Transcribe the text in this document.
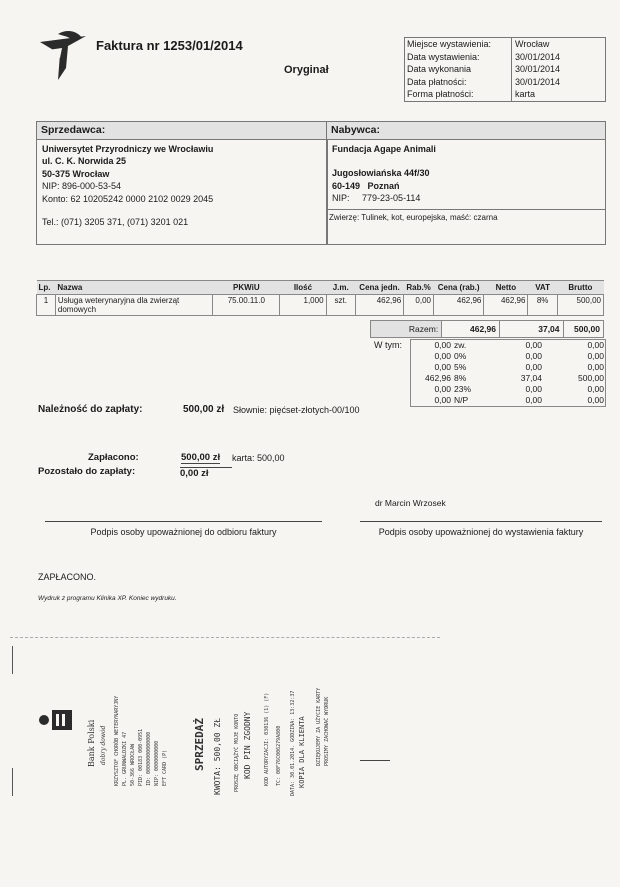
Faktura nr 1253/01/2014
Oryginał
Miejsce wystawienia:	Wrocław
Data wystawienia:	30/01/2014
Data wykonania	30/01/2014
Data płatności:	30/01/2014
Forma płatności:	karta
Sprzedawca:
Uniwersytet Przyrodniczy we Wrocławiu
ul. C. K. Norwida 25
50-375 Wrocław
NIP: 896-000-53-54
Konto: 62 10205242 0000 2102 0029 2045
Tel.: (071) 3205 371, (071) 3201 021
Nabywca:
Fundacja Agape Animali
Jugosłowiańska 44f/30
60-149 Poznań
NIP: 779-23-05-114
Zwierzę: Tulinek, kot, europejska, maść: czarna
Lp.	Nazwa	PKWiU	Ilość	J.m.	Cena jedn.	Rab.%	Cena (rab.)	Netto	VAT	Brutto
1	Usługa weterynaryjna dla zwierząt domowych	75.00.11.0	1,000	szt.	462,96	0,00	462,96	462,96	8%	500,00
Razem:	462,96	37,04	500,00
W tym:	0,00 zw.	0,00	0,00
0,00 0%	0,00	0,00
0,00 5%	0,00	0,00
462,96 8%	37,04	500,00
0,00 23%	0,00	0,00
0,00 N/P	0,00	0,00
Należność do zapłaty:	500,00 zł Słownie: pięćset-złotych-00/100
Zapłacono:	500,00 zł karta: 500,00
Pozostało do zapłaty:	0,00 zł
dr Marcin Wrzosek
Podpis osoby upoważnionej do odbioru faktury	Podpis osoby upoważnionej do wystawienia faktury
ZAPŁACONO.
Wydruk z programu Klinika XP. Koniec wydruku.
Bank Polski dobry dowód KRZYSZTOF CHORÓB WETERYNARYJNY PL. GRUNWALDZKI 47 50-366 WROCŁAW PID: 00183 000-0951 ID: 00000000000000 NIP: 0000000000 EFT CARD (P) SPRZEDAŻ KWOTA: 500,00 ZŁ PROSZĘ OBCIĄŻYĆ MOJE KONTO KOD PIN ZGODNY KOD AUTORYZACJI: 030136 (1) (F) TC: 00F76C006279A800 DATA: 30.01.2014. GODZINA: 13:32:37 KOPIA DLA KLIENTA DZIĘKUJEMY ZA UŻYCIE KARTY PROSIMY ZACHOWAĆ WYDRUK
